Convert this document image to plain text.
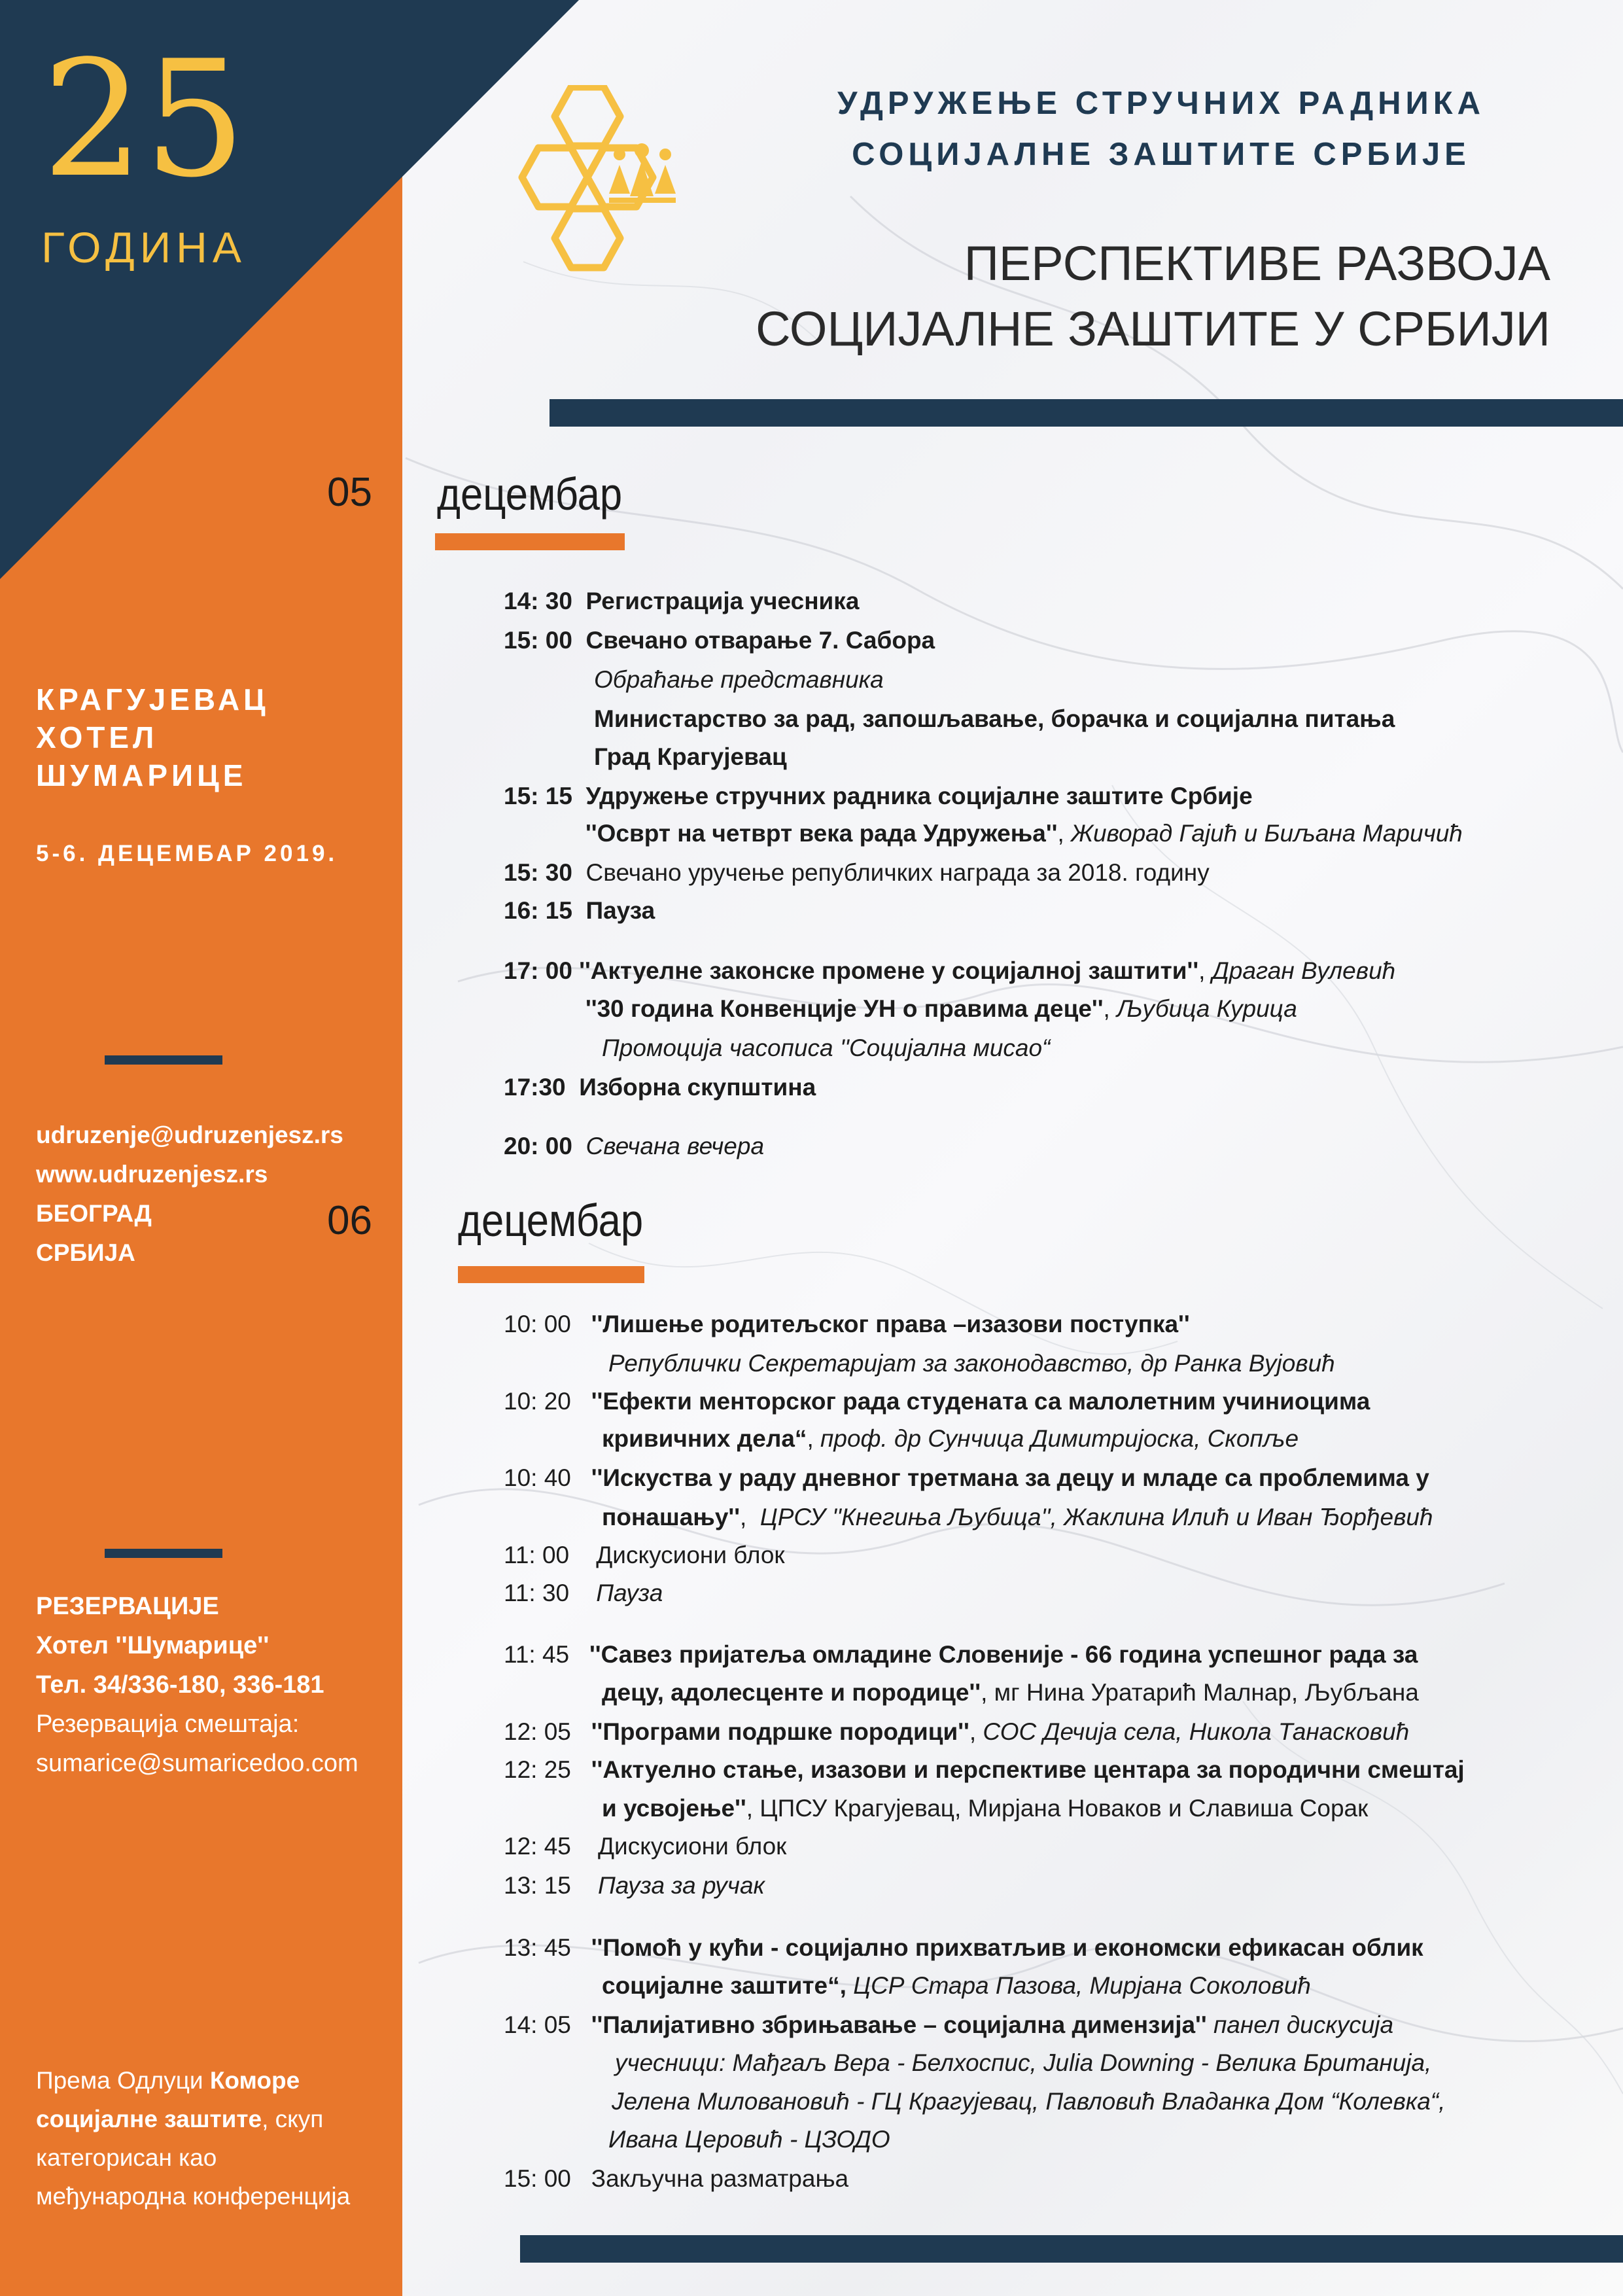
25
ГОДИНА
КРАГУЈЕВАЦ
ХОТЕЛ
ШУМАРИЦЕ
5-6. ДЕЦЕМБАР 2019.
udruzenje@udruzenjesz.rs
www.udruzenjesz.rs
БЕОГРАД
СРБИЈА
РЕЗЕРВАЦИЈЕ
Хотел ''Шумарице''
Тел. 34/336-180, 336-181
Резервација смештаја:
sumarice@sumaricedoo.com
Према Одлуци Коморе
социјалне заштите, скуп
категорисан као
међународна конференција
05
06
УДРУЖЕЊЕ СТРУЧНИХ РАДНИКА
СОЦИЈАЛНЕ ЗАШТИТЕ СРБИЈЕ
ПЕРСПЕКТИВЕ РАЗВОЈА
СОЦИЈАЛНЕ ЗАШТИТЕ У СРБИЈИ
децембар
14: 30 Регистрација учесника
15: 00 Свечано отварање 7. Сабора
Обраћање представника
Министарство за рад, запошљавање, борачка и социјална питања
Град Крагујевац
15: 15 Удружење стручних радника социјалне заштите Србије
''Осврт на четврт века рада Удружења'', Живорад Гајић и Биљана Маричић
15: 30 Свечано уручење републичких награда за 2018. годину
16: 15 Пауза
17: 00 ''Актуелне законске промене у социјалној заштити'', Драган Вулевић
''30 година Конвенције УН о правима деце'', Љубица Курица
Промоција часописа ''Социјална мисао“
17:30 Изборна скупштина
20: 00 Свечана вечера
децембар
10: 00 ''Лишење родитељског права –изазови поступка''
Републички Секретаријат за законодавство, др Ранка Вујовић
10: 20 ''Ефекти менторског рада студената са малолетним учиниоцима
кривичних дела“, проф. др Сунчица Димитријоска, Скопље
10: 40 ''Искуства у раду дневног третмана за децу и младе са проблемима у
понашању'',  ЦРСУ ''Кнегиња Љубица'', Жаклина Илић и Иван Ђорђевић
11: 00 Дискусиони блок
11: 30 Пауза
11: 45 ''Савез пријатеља омладине Словеније - 66 година успешног рада за
децу, адолесценте и породице'', мг Нина Уратарић Малнар, Љубљана
12: 05 ''Програми подршке породици'', СОС Дечија села, Никола Танасковић
12: 25 ''Актуелно стање, изазови и перспективе центара за породични смештај
и усвојење'', ЦПСУ Крагујевац, Мирјана Новаков и Славиша Сорак
12: 45 Дискусиони блок
13: 15 Пауза за ручак
13: 45 ''Помоћ у кући - социјално прихватљив и економски ефикасан облик
социјалне заштите“, ЦСР Стара Пазова, Мирјана Соколовић
14: 05 ''Палијативно збрињавање – социјална димензија'' панел дискусија
учесници: Мађгаљ Вера - Белхоспис, Julia Downing - Велика Британија,
Јелена Миловановић - ГЦ Крагујевац, Павловић Владанка Дом “Колевка“,
Ивана Церовић - ЦЗОДО
15: 00 Закључна разматрања
